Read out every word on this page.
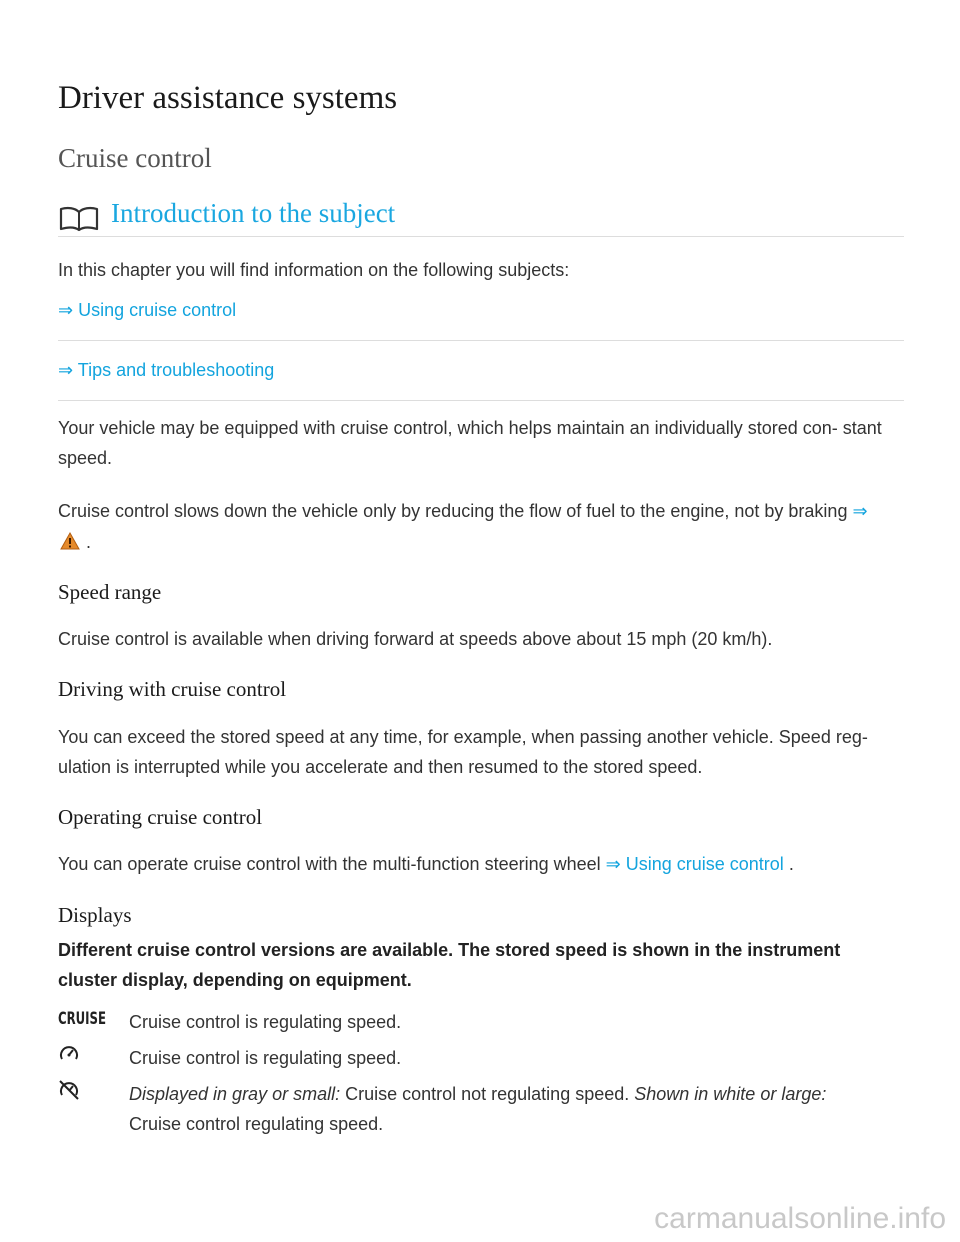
Driver assistance systems
Cruise control
Introduction to the subject

In this chapter you will find information on the following subjects:

⇒ Using cruise control

⇒ Tips and troubleshooting

Your vehicle may be equipped with cruise control, which helps maintain an individually stored con- stant speed.

Cruise control slows down the vehicle only by reducing the flow of fuel to the engine, not by braking ⇒

.
Speed range

Cruise control is available when driving forward at speeds above about 15 mph (20 km/h).

Driving with cruise control

You can exceed the stored speed at any time, for example, when passing another vehicle. Speed reg- ulation is interrupted while you accelerate and then resumed to the stored speed.

Operating cruise control

You can operate cruise control with the multi-function steering wheel ⇒ Using cruise control .

Displays

Different cruise control versions are available. The stored speed is shown in the instrument cluster display, depending on equipment.

CRUISE Cruise control is regulating speed.
Cruise control is regulating speed.
Displayed in gray or small: Cruise control not regulating speed. Shown in white or large:
Cruise control regulating speed.
carmanualsonline.info
